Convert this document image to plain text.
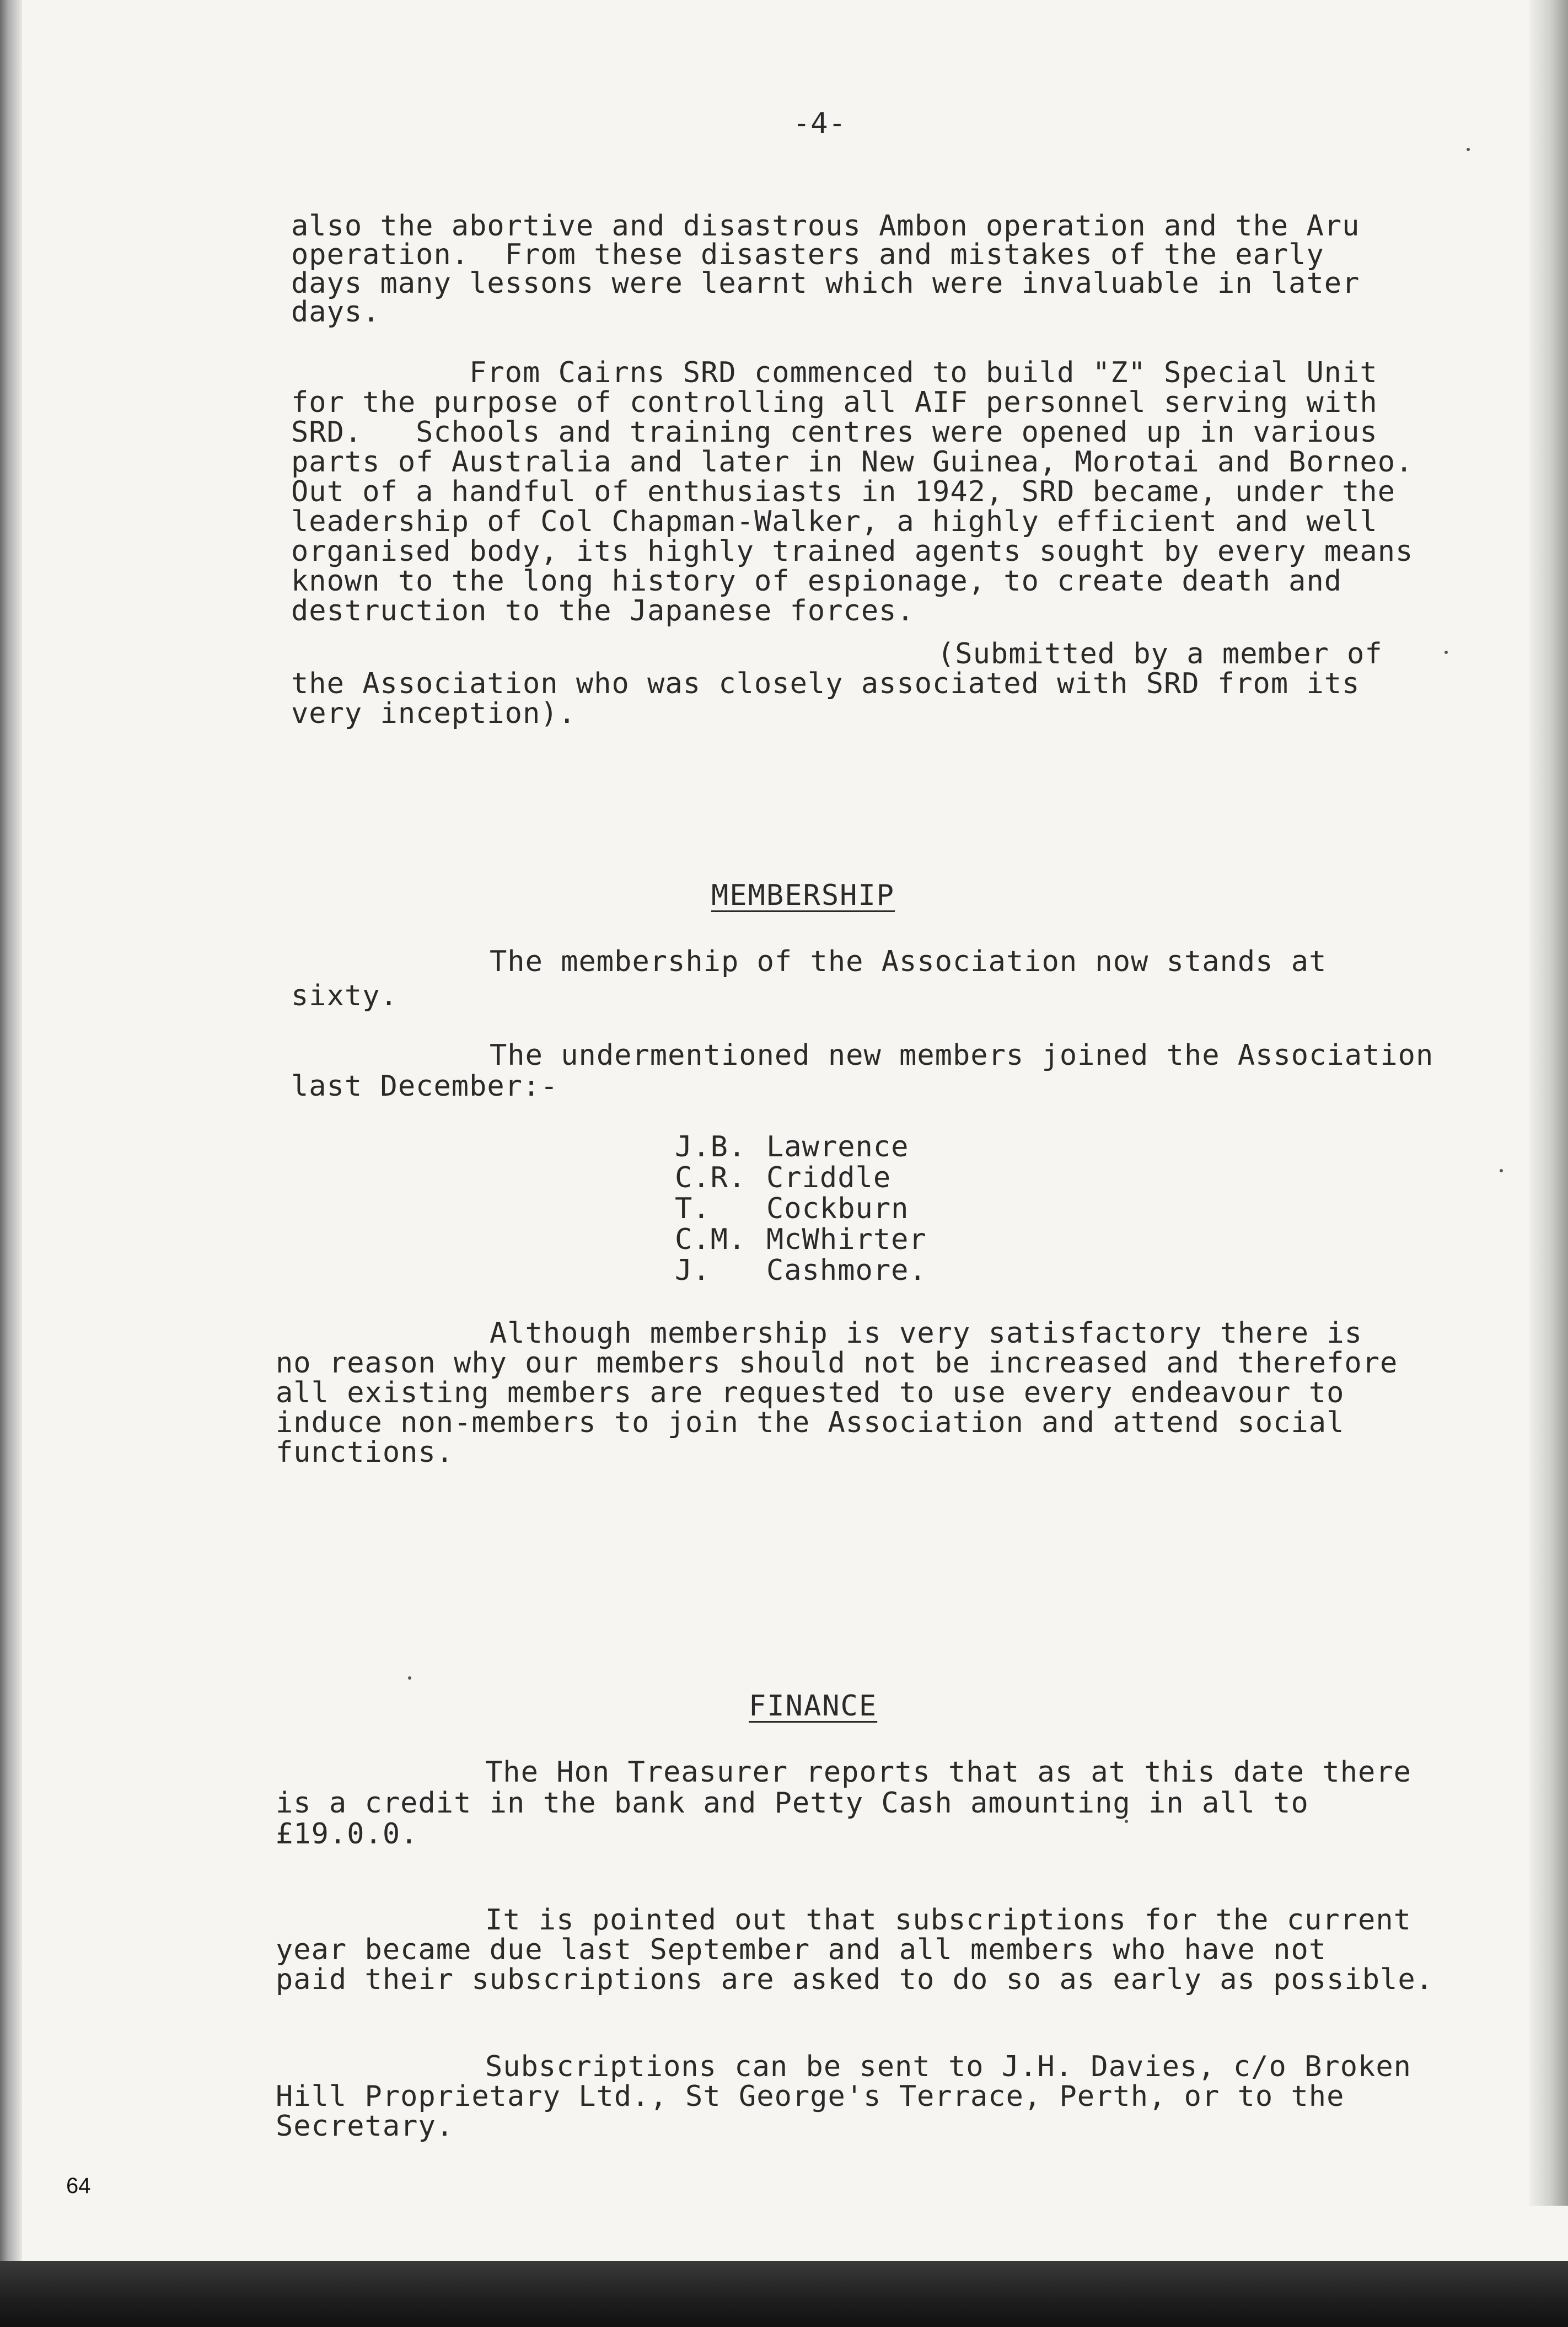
-4-
also the abortive and disastrous Ambon operation and the Aru
operation.  From these disasters and mistakes of the early
days many lessons were learnt which were invaluable in later
days.
From Cairns SRD commenced to build "Z" Special Unit
for the purpose of controlling all AIF personnel serving with
SRD.   Schools and training centres were opened up in various
parts of Australia and later in New Guinea, Morotai and Borneo.
Out of a handful of enthusiasts in 1942, SRD became, under the
leadership of Col Chapman-Walker, a highly efficient and well
organised body, its highly trained agents sought by every means
known to the long history of espionage, to create death and
destruction to the Japanese forces.
(Submitted by a member of
the Association who was closely associated with SRD from its
very inception).
MEMBERSHIP
The membership of the Association now stands at
sixty.
The undermentioned new members joined the Association
last December:-
J.B. Lawrence
C.R. Criddle
T. Cockburn
C.M. McWhirter
J. Cashmore.
Although membership is very satisfactory there is
no reason why our members should not be increased and therefore
all existing members are requested to use every endeavour to
induce non-members to join the Association and attend social
functions.
FINANCE
The Hon Treasurer reports that as at this date there
is a credit in the bank and Petty Cash amounting in all to
£19.0.0.
It is pointed out that subscriptions for the current
year became due last September and all members who have not
paid their subscriptions are asked to do so as early as possible.
Subscriptions can be sent to J.H. Davies, c/o Broken
Hill Proprietary Ltd., St George's Terrace, Perth, or to the
Secretary.
64
